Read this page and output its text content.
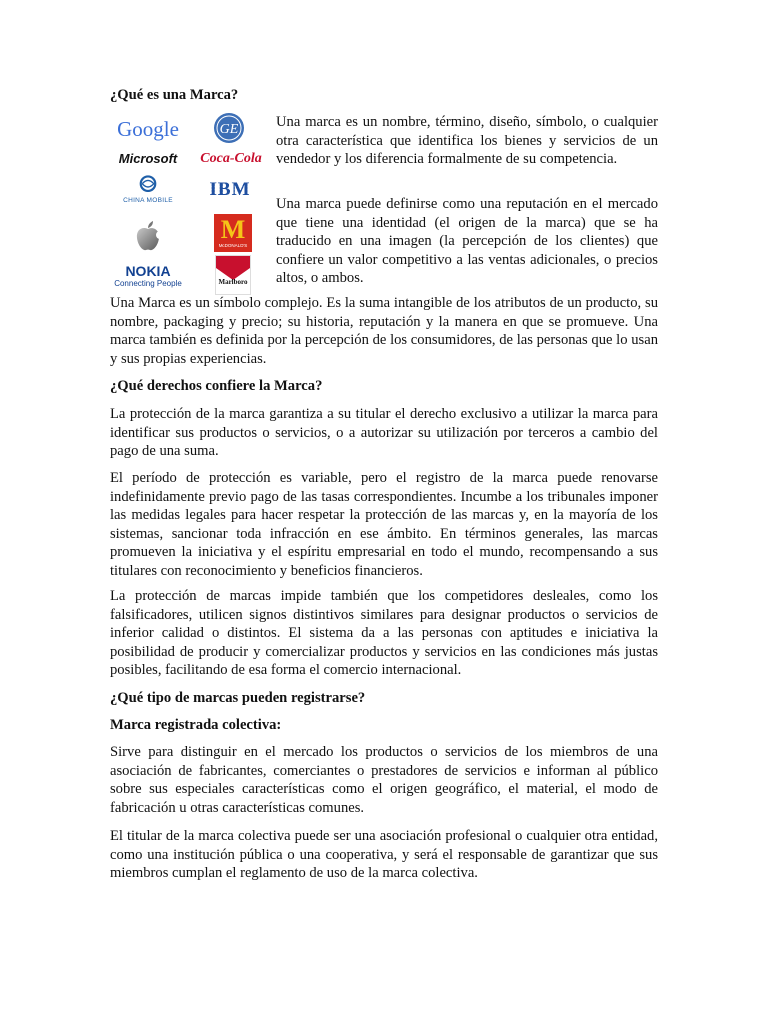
¿Qué es una Marca?
Google	GE
Microsoft Coca-Cola
CHINA MOBILE
IBM
M
McDONALD'S
NOKIA
Connecting People	Marlboro

Una marca es un nombre, término, diseño, símbolo, o cualquier otra característica que identifica los bienes y servicios de un vendedor y los diferencia formalmente de su competencia.

Una marca puede definirse como una reputación en el mercado que tiene una identidad (el origen de la marca) que se ha traducido en una imagen (la percepción de los clientes) que confiere un valor competitivo a las ventas adicionales, o precios altos, o ambos.

Una Marca es un símbolo complejo. Es la suma intangible de los atributos de un producto, su nombre, packaging y precio; su historia, reputación y la manera en que se promueve. Una marca también es definida por la percepción de los consumidores, de las personas que lo usan y sus propias experiencias.

¿Qué derechos confiere la Marca?

La protección de la marca garantiza a su titular el derecho exclusivo a utilizar la marca para identificar sus productos o servicios, o a autorizar su utilización por terceros a cambio del pago de una suma.

El período de protección es variable, pero el registro de la marca puede renovarse indefinidamente previo pago de las tasas correspondientes. Incumbe a los tribunales imponer las medidas legales para hacer respetar la protección de las marcas y, en la mayoría de los sistemas, sancionar toda infracción en ese ámbito. En términos generales, las marcas promueven la iniciativa y el espíritu empresarial en todo el mundo, recompensando a sus titulares con reconocimiento y beneficios financieros.

La protección de marcas impide también que los competidores desleales, como los falsificadores, utilicen signos distintivos similares para designar productos o servicios de inferior calidad o distintos. El sistema da a las personas con aptitudes e iniciativa la posibilidad de producir y comercializar productos y servicios en las condiciones más justas posibles, facilitando de esa forma el comercio internacional.

¿Qué tipo de marcas pueden registrarse?
Marca registrada colectiva:

Sirve para distinguir en el mercado los productos o servicios de los miembros de una asociación de fabricantes, comerciantes o prestadores de servicios e informan al público sobre sus especiales características como el origen geográfico, el material, el modo de fabricación u otras características comunes.

El titular de la marca colectiva puede ser una asociación profesional o cualquier otra entidad, como una institución pública o una cooperativa, y será el responsable de garantizar que sus miembros cumplan el reglamento de uso de la marca colectiva.
